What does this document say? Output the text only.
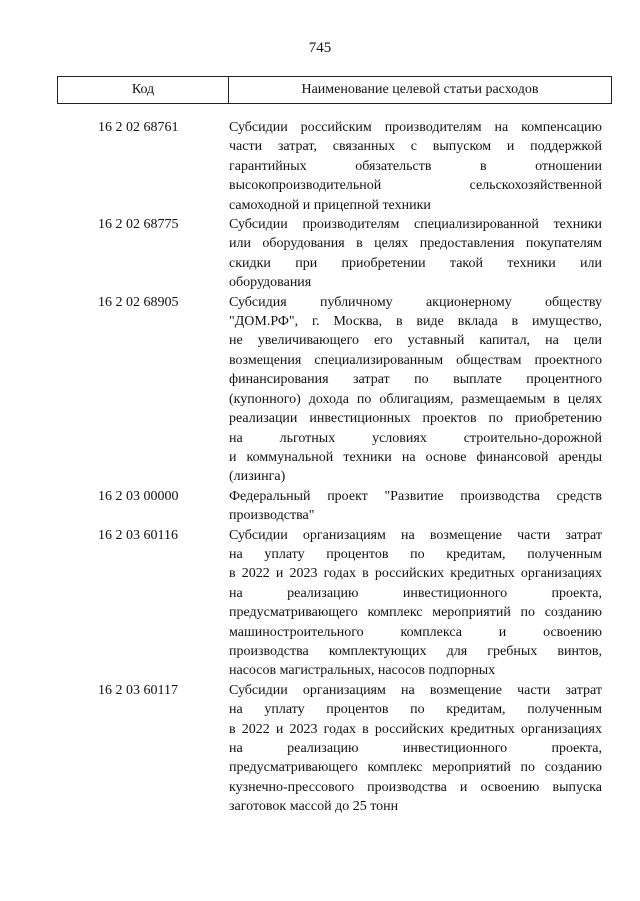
745
Код	Наименование целевой статьи расходов
16 2 02 68761	Субсидии российским производителям на компенсацию
части затрат, связанных с выпуском и поддержкой
гарантийных обязательств в отношении
высокопроизводительной сельскохозяйственной
самоходной и прицепной техники
16 2 02 68775	Субсидии производителям специализированной техники
или оборудования в целях предоставления покупателям
скидки при приобретении такой техники или
оборудования
16 2 02 68905	Субсидия публичному акционерному обществу
"ДОМ.РФ", г. Москва, в виде вклада в имущество,
не увеличивающего его уставный капитал, на цели
возмещения специализированным обществам проектного
финансирования затрат по выплате процентного
(купонного) дохода по облигациям, размещаемым в целях
реализации инвестиционных проектов по приобретению
на льготных условиях строительно-дорожной
и коммунальной техники на основе финансовой аренды
(лизинга)
16 2 03 00000	Федеральный проект "Развитие производства средств
производства"
16 2 03 60116	Субсидии организациям на возмещение части затрат
на уплату процентов по кредитам, полученным
в 2022 и 2023 годах в российских кредитных организациях
на реализацию инвестиционного проекта,
предусматривающего комплекс мероприятий по созданию
машиностроительного комплекса и освоению
производства комплектующих для гребных винтов,
насосов магистральных, насосов подпорных
16 2 03 60117	Субсидии организациям на возмещение части затрат
на уплату процентов по кредитам, полученным
в 2022 и 2023 годах в российских кредитных организациях
на реализацию инвестиционного проекта,
предусматривающего комплекс мероприятий по созданию
кузнечно-прессового производства и освоению выпуска
заготовок массой до 25 тонн
